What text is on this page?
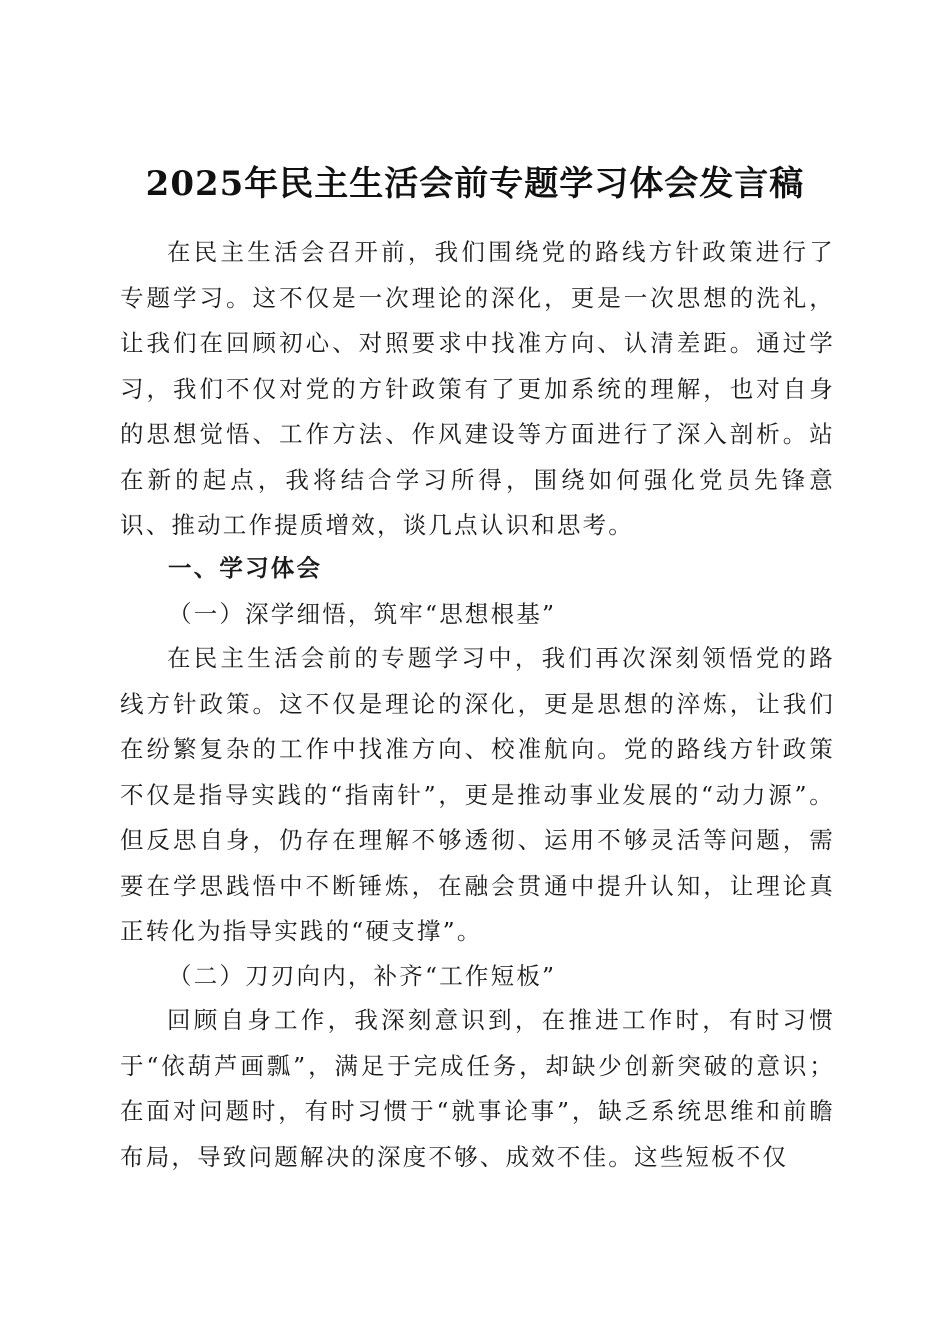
2025年民主生活会前专题学习体会发言稿

在民主生活会召开前，我们围绕党的路线方针政策进行了专题学习。这不仅是一次理论的深化，更是一次思想的洗礼，让我们在回顾初心、对照要求中找准方向、认清差距。通过学习，我们不仅对党的方针政策有了更加系统的理解，也对自身的思想觉悟、工作方法、作风建设等方面进行了深入剖析。站在新的起点，我将结合学习所得，围绕如何强化党员先锋意识、推动工作提质增效，谈几点认识和思考。

一、学习体会

（一）深学细悟，筑牢“思想根基”

在民主生活会前的专题学习中，我们再次深刻领悟党的路线方针政策。这不仅是理论的深化，更是思想的淬炼，让我们在纷繁复杂的工作中找准方向、校准航向。党的路线方针政策不仅是指导实践的“指南针”，更是推动事业发展的“动力源”。但反思自身，仍存在理解不够透彻、运用不够灵活等问题，需要在学思践悟中不断锤炼，在融会贯通中提升认知，让理论真正转化为指导实践的“硬支撑”。

（二）刀刃向内，补齐“工作短板”

回顾自身工作，我深刻意识到，在推进工作时，有时习惯于“依葫芦画瓢”，满足于完成任务，却缺少创新突破的意识；在面对问题时，有时习惯于“就事论事”，缺乏系统思维和前瞻布局，导致问题解决的深度不够、成效不佳。这些短板不仅
